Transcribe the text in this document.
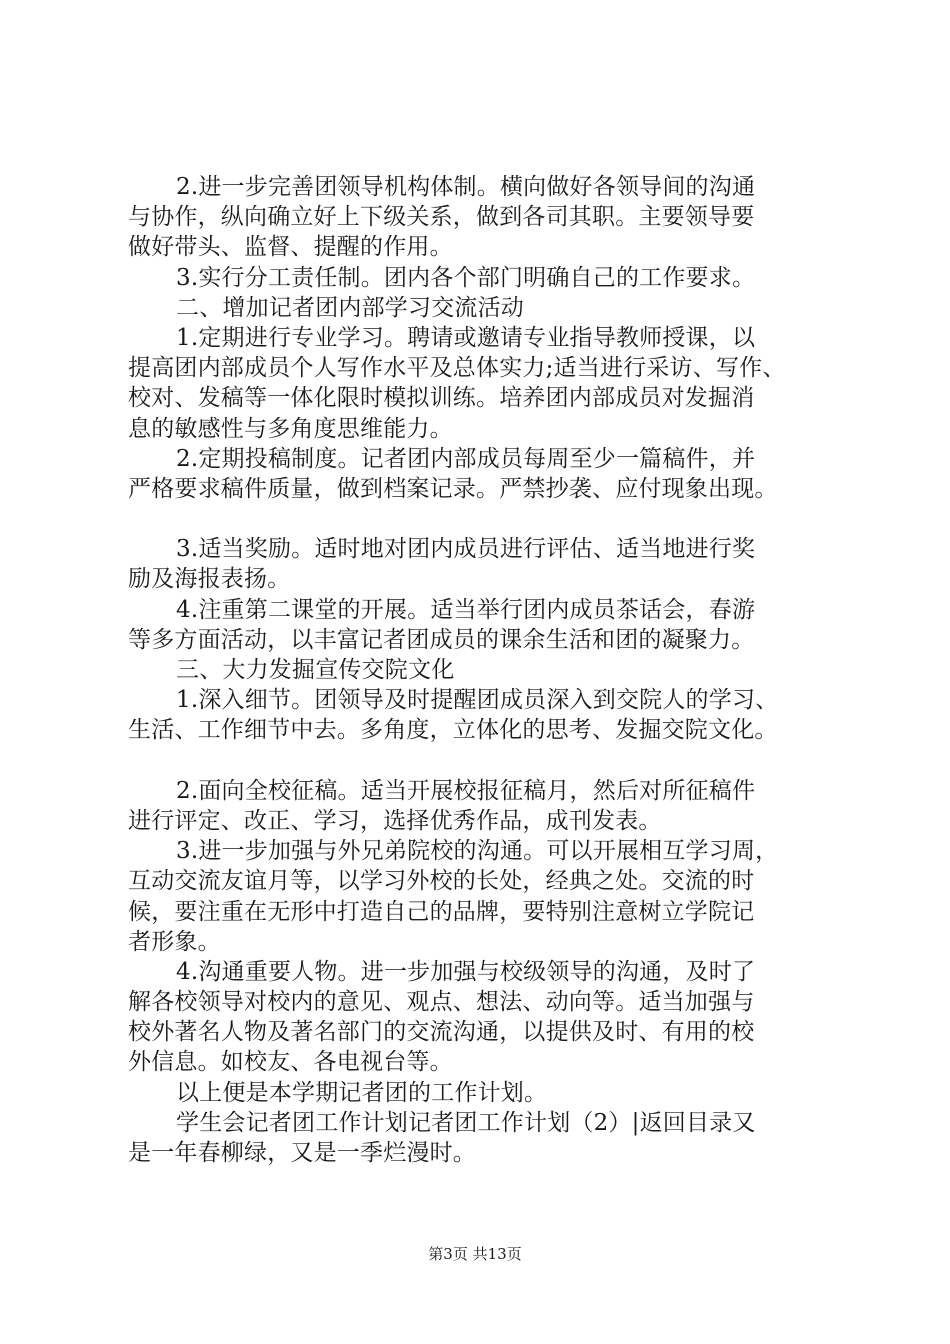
2.进一步完善团领导机构体制。横向做好各领导间的沟通
与协作，纵向确立好上下级关系，做到各司其职。主要领导要
做好带头、监督、提醒的作用。
3.实行分工责任制。团内各个部门明确自己的工作要求。
二、增加记者团内部学习交流活动
1.定期进行专业学习。聘请或邀请专业指导教师授课，以
提高团内部成员个人写作水平及总体实力;适当进行采访、写作、
校对、发稿等一体化限时模拟训练。培养团内部成员对发掘消
息的敏感性与多角度思维能力。
2.定期投稿制度。记者团内部成员每周至少一篇稿件，并
严格要求稿件质量，做到档案记录。严禁抄袭、应付现象出现。
3.适当奖励。适时地对团内成员进行评估、适当地进行奖
励及海报表扬。
4.注重第二课堂的开展。适当举行团内成员茶话会，春游
等多方面活动，以丰富记者团成员的课余生活和团的凝聚力。
三、大力发掘宣传交院文化
1.深入细节。团领导及时提醒团成员深入到交院人的学习、
生活、工作细节中去。多角度，立体化的思考、发掘交院文化。
2.面向全校征稿。适当开展校报征稿月，然后对所征稿件
进行评定、改正、学习，选择优秀作品，成刊发表。
3.进一步加强与外兄弟院校的沟通。可以开展相互学习周，
互动交流友谊月等，以学习外校的长处，经典之处。交流的时
候，要注重在无形中打造自己的品牌，要特别注意树立学院记
者形象。
4.沟通重要人物。进一步加强与校级领导的沟通，及时了
解各校领导对校内的意见、观点、想法、动向等。适当加强与
校外著名人物及著名部门的交流沟通，以提供及时、有用的校
外信息。如校友、各电视台等。
以上便是本学期记者团的工作计划。
学生会记者团工作计划记者团工作计划（2）|返回目录又
是一年春柳绿，又是一季烂漫时。
第3页 共13页
